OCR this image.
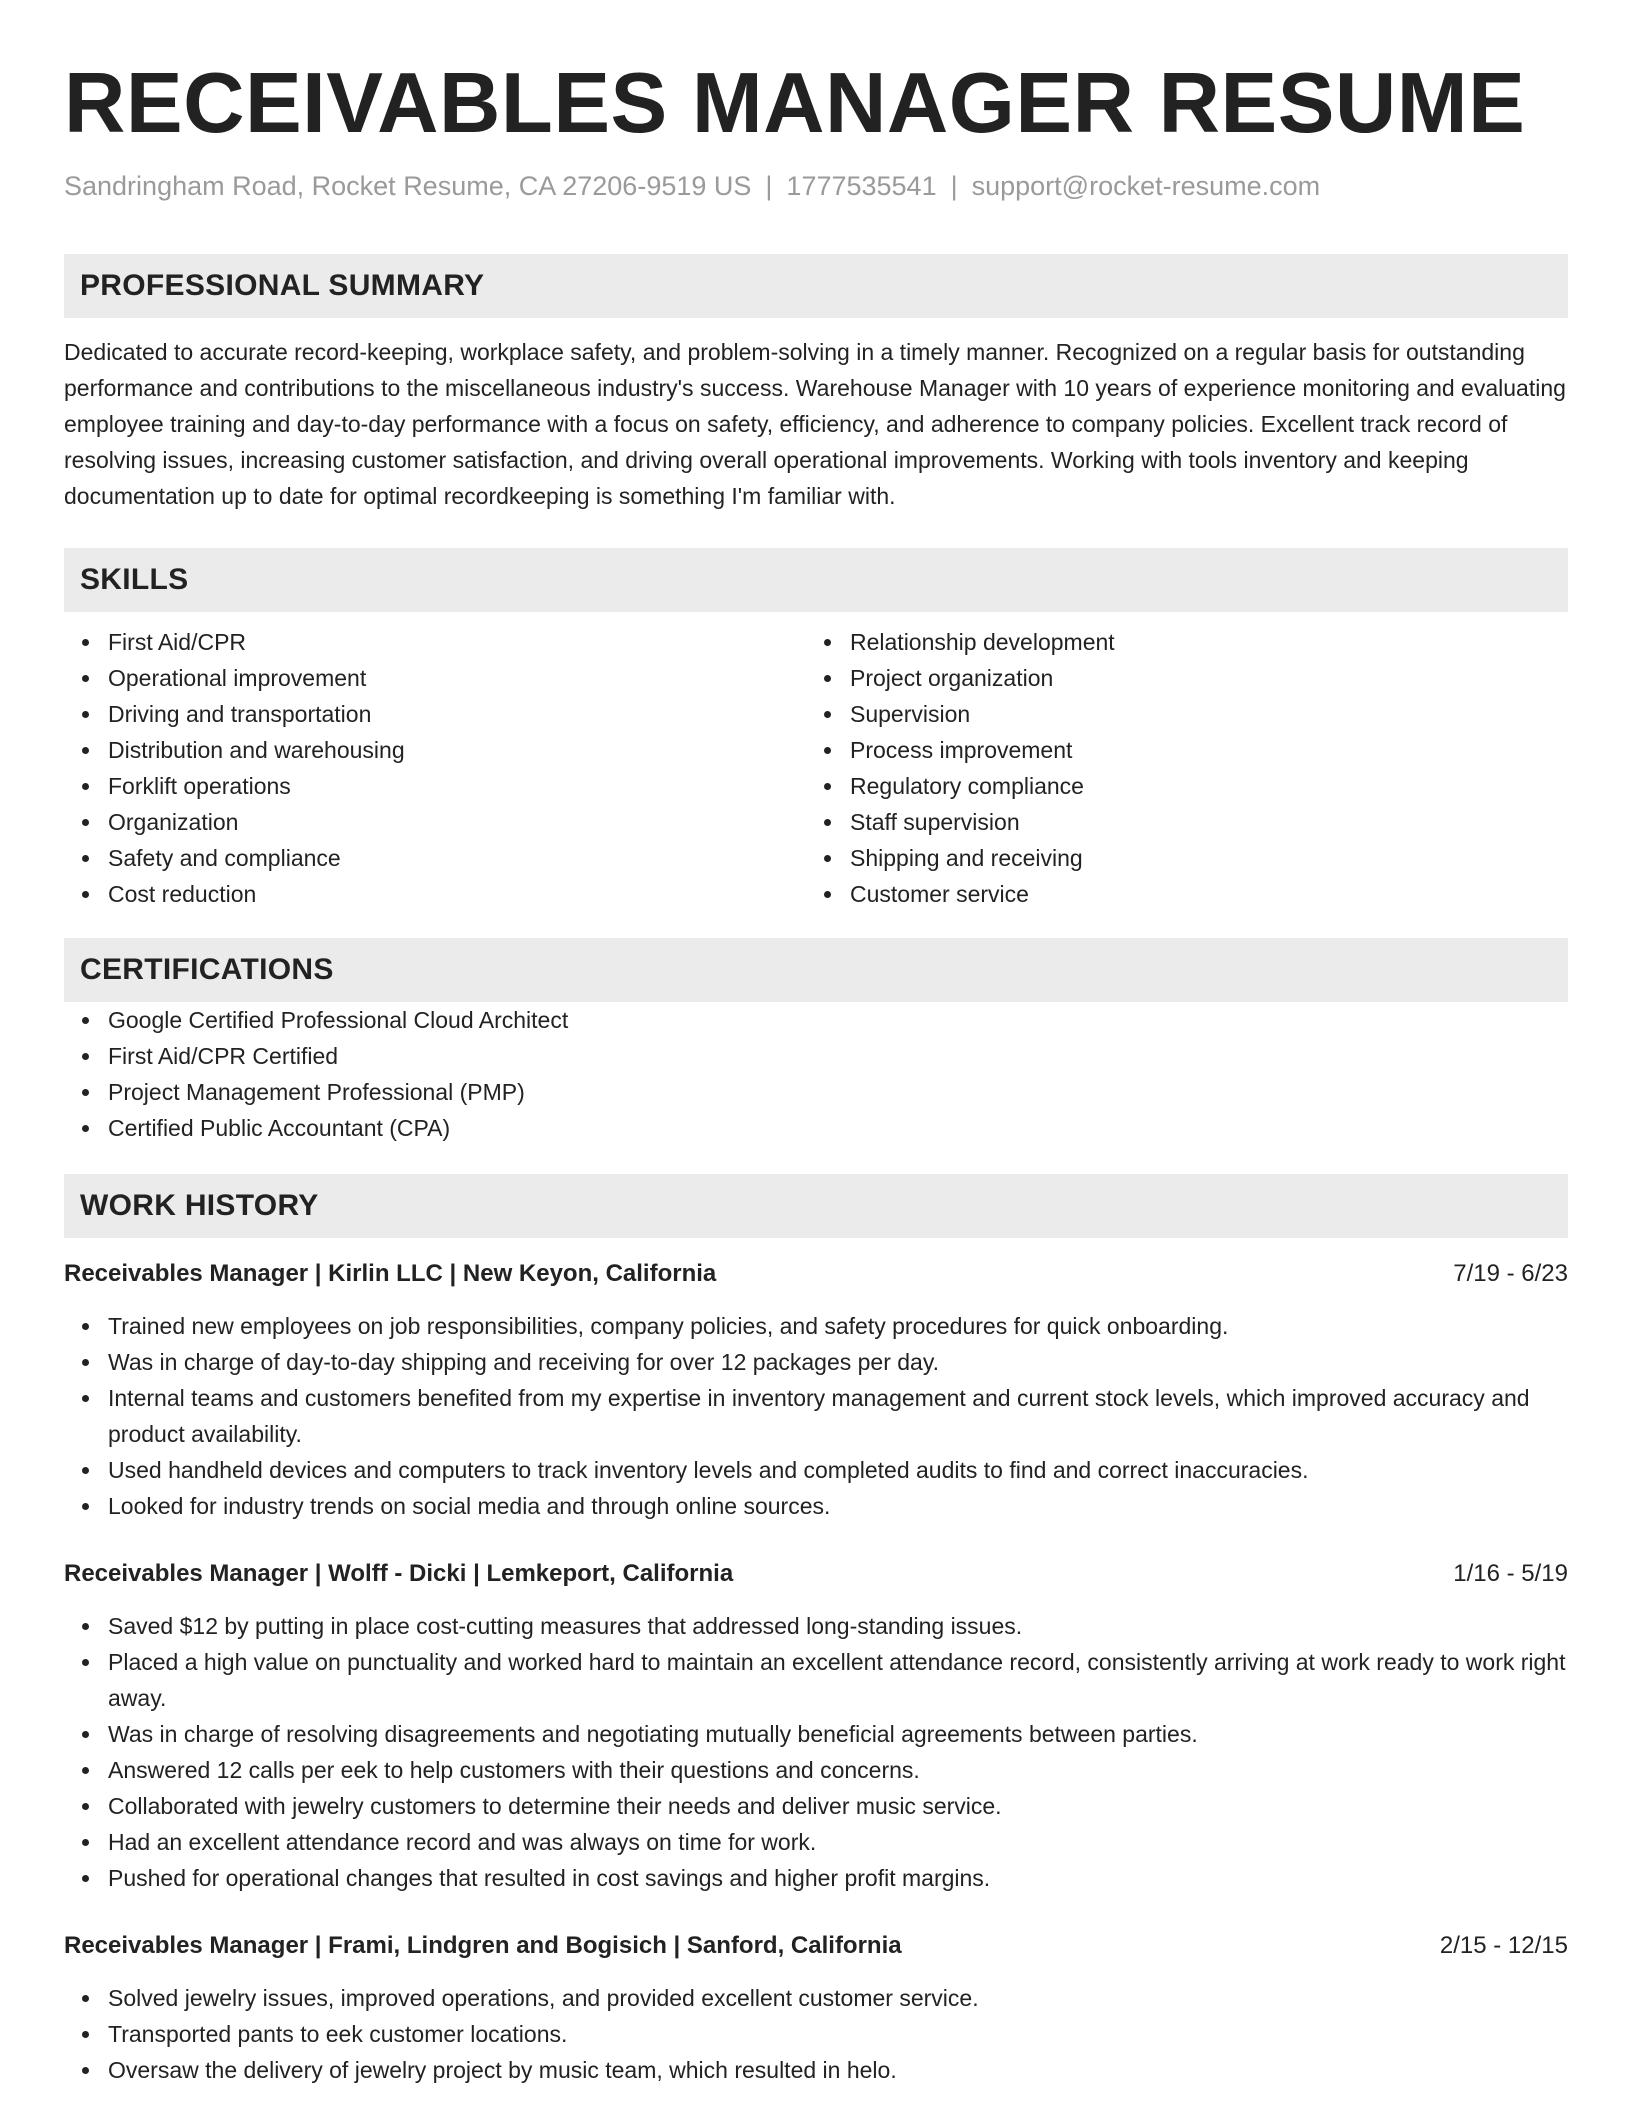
RECEIVABLES MANAGER RESUME
Sandringham Road, Rocket Resume, CA 27206-9519 US | 1777535541 | support@rocket-resume.com
PROFESSIONAL SUMMARY
Dedicated to accurate record-keeping, workplace safety, and problem-solving in a timely manner. Recognized on a regular basis for outstanding performance and contributions to the miscellaneous industry's success. Warehouse Manager with 10 years of experience monitoring and evaluating employee training and day-to-day performance with a focus on safety, efficiency, and adherence to company policies. Excellent track record of resolving issues, increasing customer satisfaction, and driving overall operational improvements. Working with tools inventory and keeping documentation up to date for optimal recordkeeping is something I'm familiar with.
SKILLS
First Aid/CPR
Operational improvement
Driving and transportation
Distribution and warehousing
Forklift operations
Organization
Safety and compliance
Cost reduction
Relationship development
Project organization
Supervision
Process improvement
Regulatory compliance
Staff supervision
Shipping and receiving
Customer service
CERTIFICATIONS
Google Certified Professional Cloud Architect
First Aid/CPR Certified
Project Management Professional (PMP)
Certified Public Accountant (CPA)
WORK HISTORY
Receivables Manager | Kirlin LLC | New Keyon, California	7/19 - 6/23
Trained new employees on job responsibilities, company policies, and safety procedures for quick onboarding.
Was in charge of day-to-day shipping and receiving for over 12 packages per day.
Internal teams and customers benefited from my expertise in inventory management and current stock levels, which improved accuracy and product availability.
Used handheld devices and computers to track inventory levels and completed audits to find and correct inaccuracies.
Looked for industry trends on social media and through online sources.
Receivables Manager | Wolff - Dicki | Lemkeport, California	1/16 - 5/19
Saved $12 by putting in place cost-cutting measures that addressed long-standing issues.
Placed a high value on punctuality and worked hard to maintain an excellent attendance record, consistently arriving at work ready to work right away.
Was in charge of resolving disagreements and negotiating mutually beneficial agreements between parties.
Answered 12 calls per eek to help customers with their questions and concerns.
Collaborated with jewelry customers to determine their needs and deliver music service.
Had an excellent attendance record and was always on time for work.
Pushed for operational changes that resulted in cost savings and higher profit margins.
Receivables Manager | Frami, Lindgren and Bogisich | Sanford, California	2/15 - 12/15
Solved jewelry issues, improved operations, and provided excellent customer service.
Transported pants to eek customer locations.
Oversaw the delivery of jewelry project by music team, which resulted in helo.
